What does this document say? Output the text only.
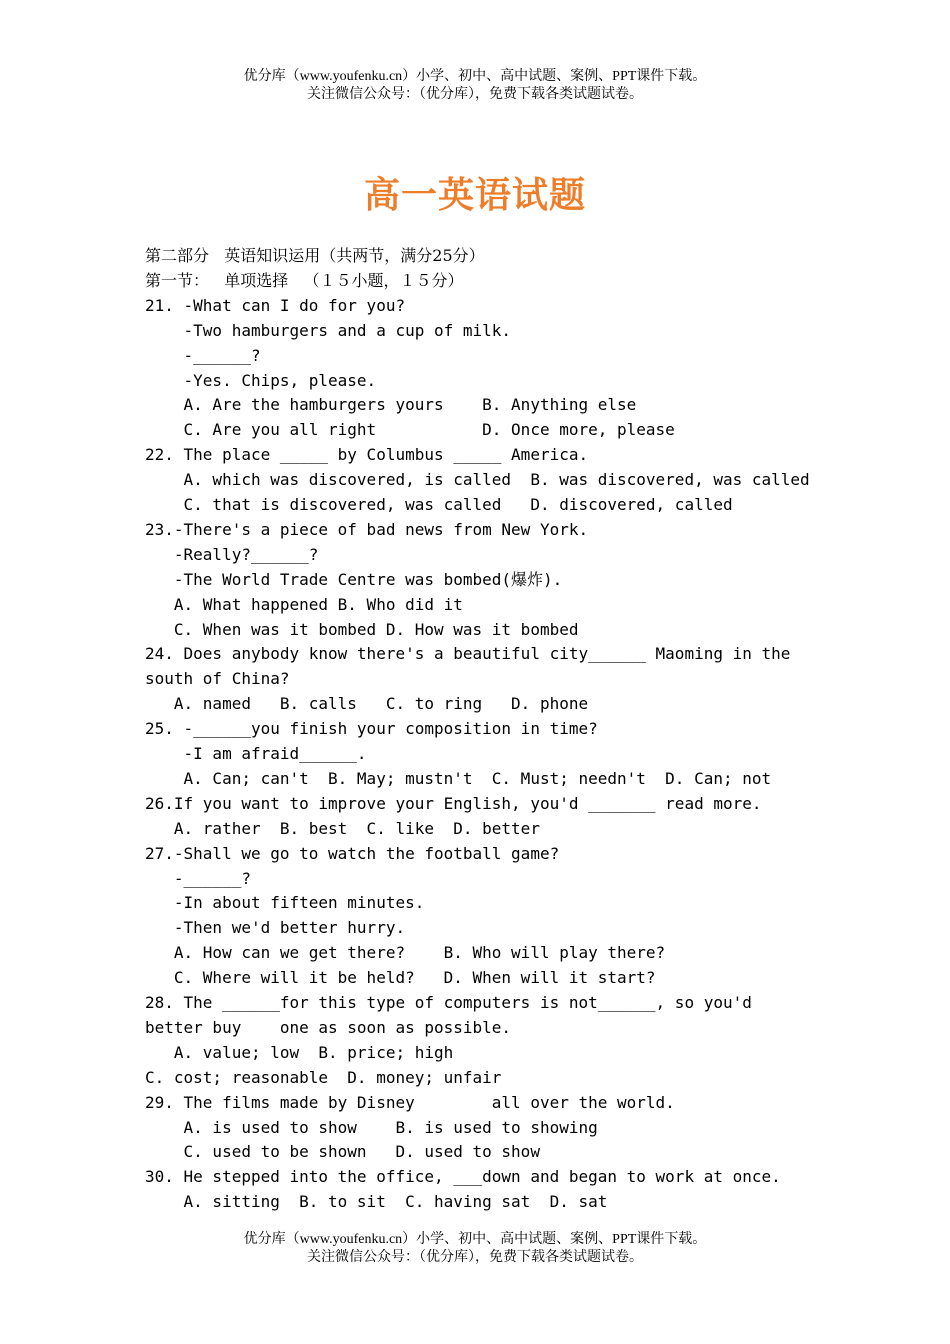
优分库（www.youfenku.cn）小学、初中、高中试题、案例、PPT课件下载。
关注微信公众号：（优分库），免费下载各类试题试卷。
高一英语试题
第二部分   英语知识运用（共两节，满分25分）
第一节：   单项选择   （１５小题，１５分）
21. -What can I do for you?
-Two hamburgers and a cup of milk.
-______?
-Yes. Chips, please.
A. Are the hamburgers yours    B. Anything else
C. Are you all right           D. Once more, please
22. The place _____ by Columbus _____ America.
A. which was discovered, is called  B. was discovered, was called
C. that is discovered, was called   D. discovered, called
23.-There's a piece of bad news from New York.
-Really?______?
-The World Trade Centre was bombed(爆炸).
A. What happened B. Who did it
C. When was it bombed D. How was it bombed
24. Does anybody know there's a beautiful city______ Maoming in the
south of China?
A. named   B. calls   C. to ring   D. phone
25. -______you finish your composition in time?
-I am afraid______.
A. Can; can't  B. May; mustn't  C. Must; needn't  D. Can; not
26.If you want to improve your English, you'd _______ read more.
A. rather  B. best  C. like  D. better
27.-Shall we go to watch the football game?
-______?
-In about fifteen minutes.
-Then we'd better hurry.
A. How can we get there?    B. Who will play there?
C. Where will it be held?   D. When will it start?
28. The ______for this type of computers is not______, so you'd
better buy    one as soon as possible.
A. value; low  B. price; high
C. cost; reasonable  D. money; unfair
29. The films made by Disney        all over the world.
A. is used to show    B. is used to showing
C. used to be shown   D. used to show
30. He stepped into the office, ___down and began to work at once.
A. sitting  B. to sit  C. having sat  D. sat
优分库（www.youfenku.cn）小学、初中、高中试题、案例、PPT课件下载。
关注微信公众号：（优分库），免费下载各类试题试卷。
